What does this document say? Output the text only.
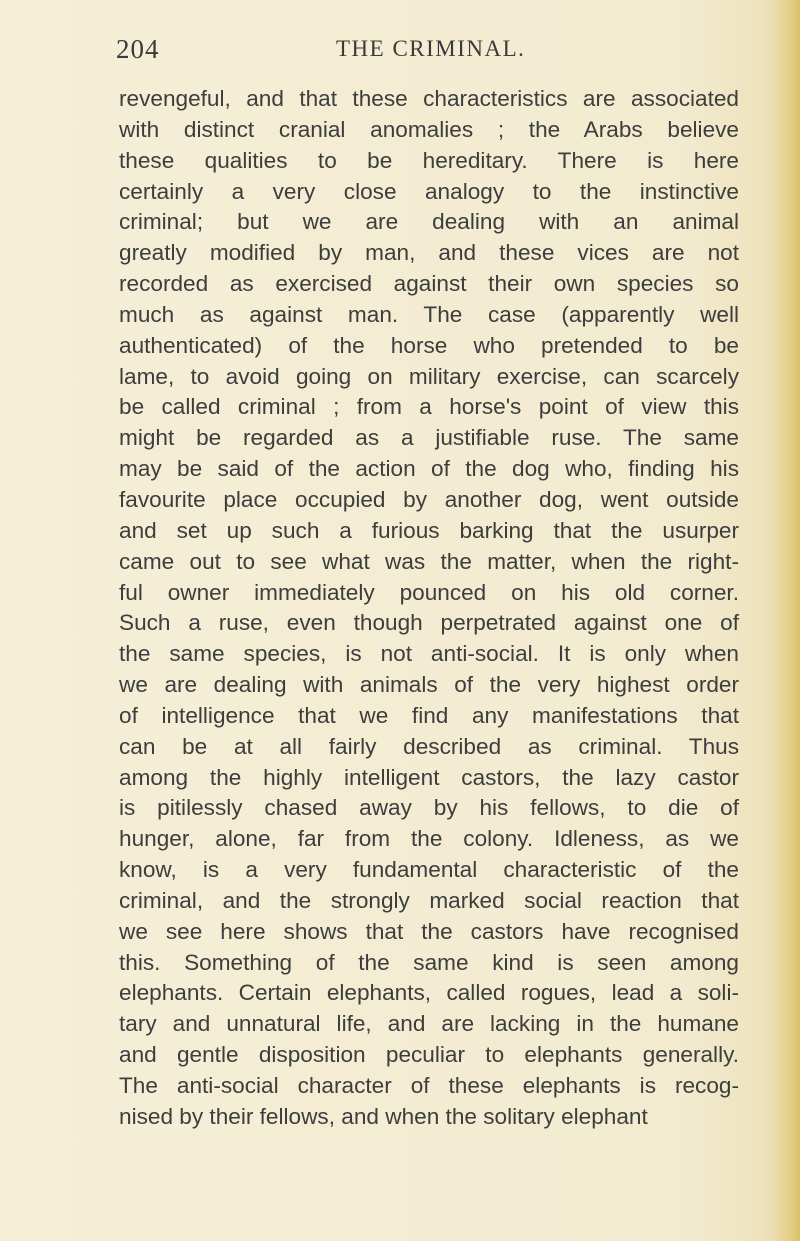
204	THE CRIMINAL.
revengeful, and that these characteristics are associated
with distinct cranial anomalies ; the Arabs believe
these qualities to be hereditary. There is here
certainly a very close analogy to the instinctive
criminal; but we are dealing with an animal
greatly modified by man, and these vices are not
recorded as exercised against their own species so
much as against man. The case (apparently well
authenticated) of the horse who pretended to be
lame, to avoid going on military exercise, can scarcely
be called criminal ; from a horse's point of view this
might be regarded as a justifiable ruse. The same
may be said of the action of the dog who, finding his
favourite place occupied by another dog, went outside
and set up such a furious barking that the usurper
came out to see what was the matter, when the right-
ful owner immediately pounced on his old corner.
Such a ruse, even though perpetrated against one of
the same species, is not anti-social. It is only when
we are dealing with animals of the very highest order
of intelligence that we find any manifestations that
can be at all fairly described as criminal. Thus
among the highly intelligent castors, the lazy castor
is pitilessly chased away by his fellows, to die of
hunger, alone, far from the colony. Idleness, as we
know, is a very fundamental characteristic of the
criminal, and the strongly marked social reaction that
we see here shows that the castors have recognised
this. Something of the same kind is seen among
elephants. Certain elephants, called rogues, lead a soli-
tary and unnatural life, and are lacking in the humane
and gentle disposition peculiar to elephants generally.
The anti-social character of these elephants is recog-
nised by their fellows, and when the solitary elephant
